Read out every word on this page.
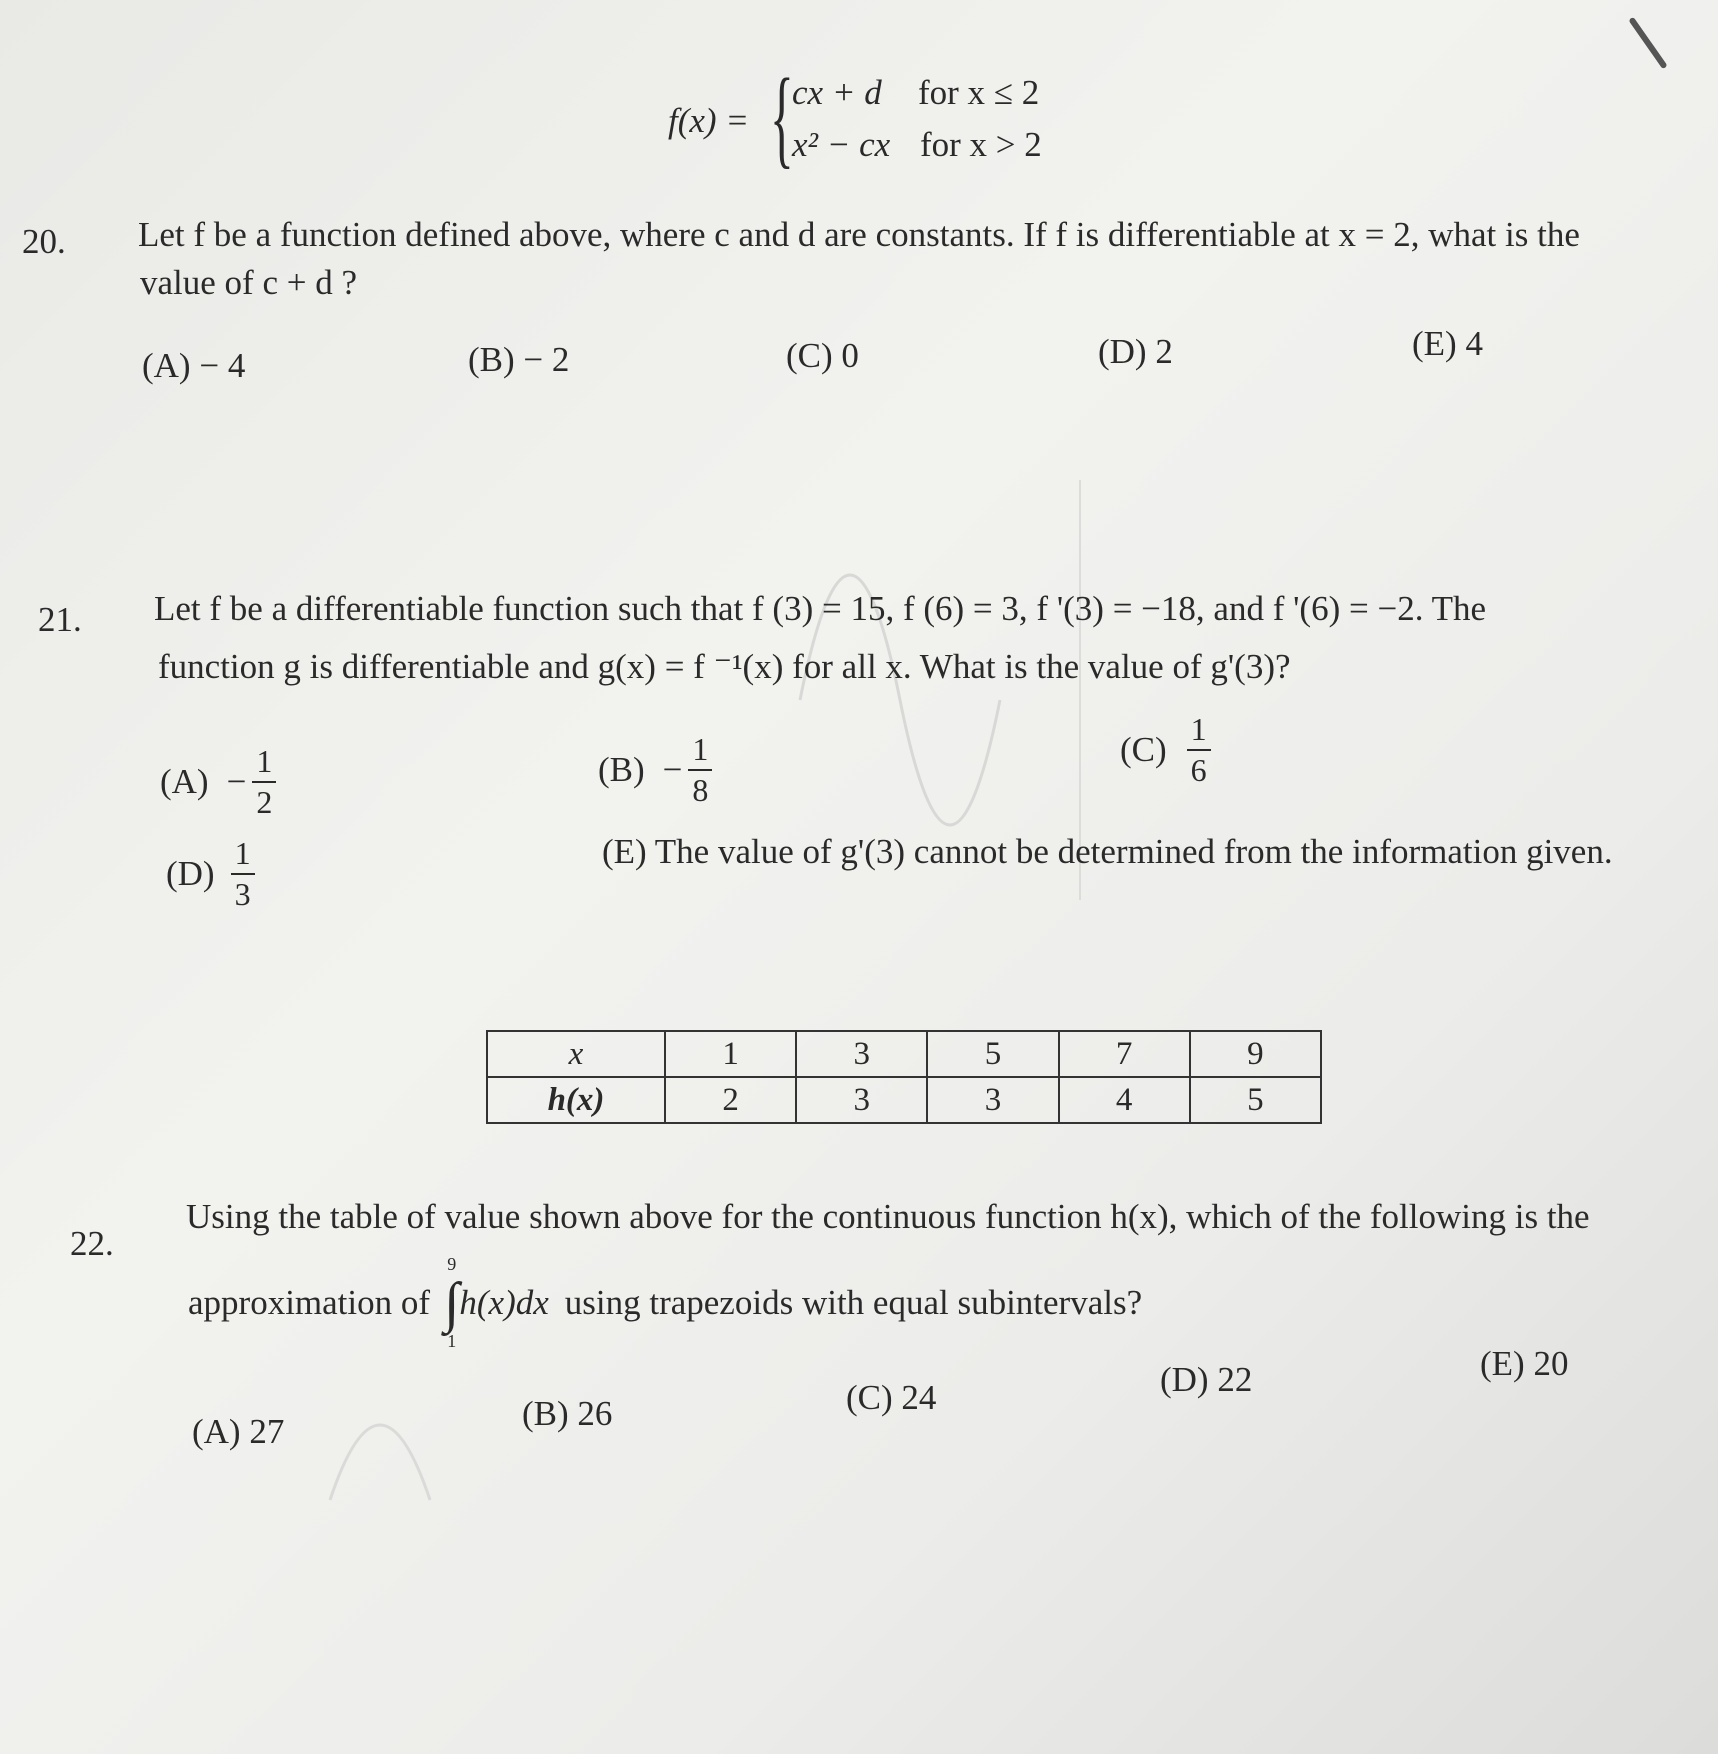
f(x) = {
cx + d for x ≤ 2
x² − cx for x > 2
20. Let f be a function defined above, where c and d are constants. If f is differentiable at x = 2, what is the
value of c + d ?
(A) − 4	(B) − 2	(C) 0	(D) 2	(E) 4
21. Let f be a differentiable function such that f (3) = 15, f (6) = 3, f '(3) = −18, and f '(6) = −2. The
function g is differentiable and g(x) = f ⁻¹(x) for all x. What is the value of g'(3)?
$(A) - \frac{1}{2}$	$(B) - \frac{1}{8}$	$(C) \frac{1}{6}$
$(D) \frac{1}{3}$	(E) The value of g'(3) cannot be determined from the information given.
x	1	3	5	7	9
h(x)	2	3	3	4	5
22.
Using the table of value shown above for the continuous function h(x), which of the following is the
approximation of
9
∫
1
h(x)dx using trapezoids with equal subintervals?
(A) 27	(B) 26	(C) 24	(D) 22	(E) 20
